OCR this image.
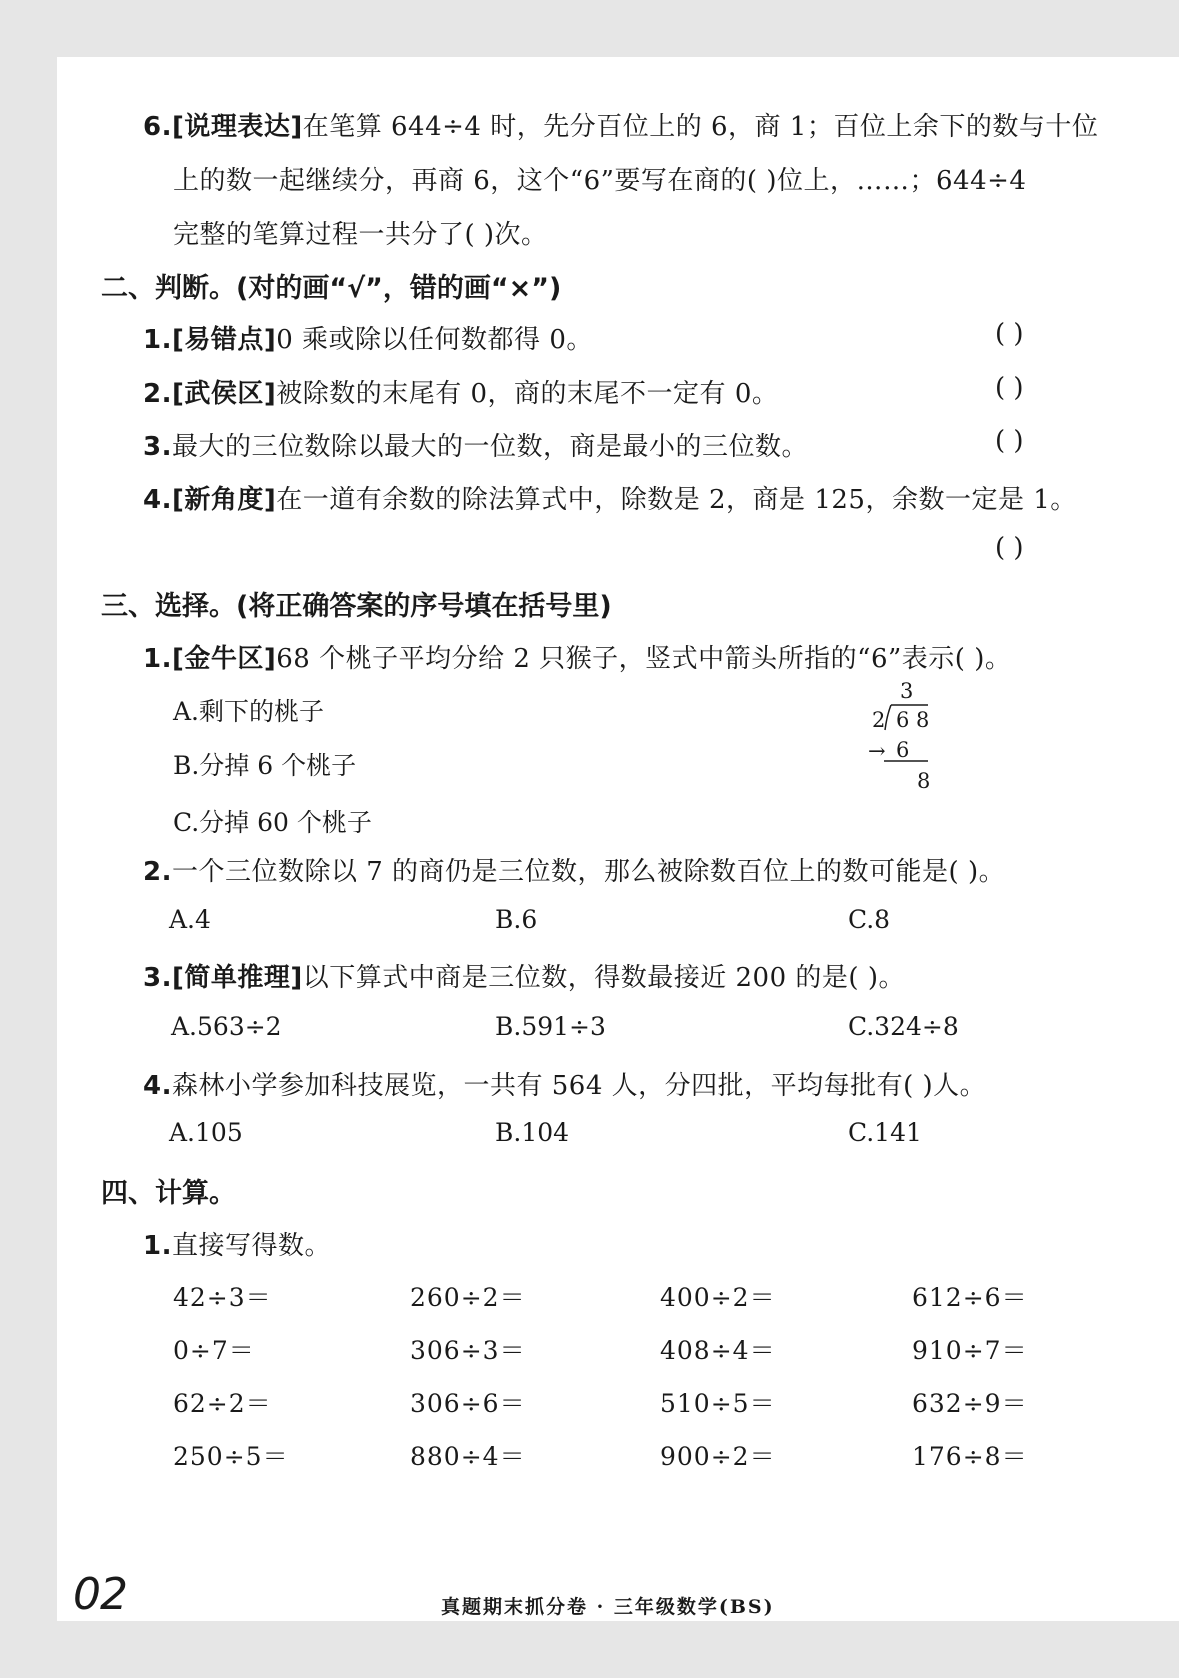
6.[说理表达]在笔算 644÷4 时，先分百位上的 6，商 1；百位上余下的数与十位
上的数一起继续分，再商 6，这个“6”要写在商的( )位上，……；644÷4
完整的笔算过程一共分了( )次。
二、判断。(对的画“√”，错的画“×”)
1.[易错点]0 乘或除以任何数都得 0。	( )
2.[武侯区]被除数的末尾有 0，商的末尾不一定有 0。	( )
3.最大的三位数除以最大的一位数，商是最小的三位数。	( )
4.[新角度]在一道有余数的除法算式中，除数是 2，商是 125，余数一定是 1。
( )
三、选择。(将正确答案的序号填在括号里)
1.[金牛区]68 个桃子平均分给 2 只猴子，竖式中箭头所指的“6”表示( )。
A.剩下的桃子
B.分掉 6 个桃子
C.分掉 60 个桃子
3
2 6 8
→ 6
8
2.一个三位数除以 7 的商仍是三位数，那么被除数百位上的数可能是( )。
A.4	B.6	C.8
3.[简单推理]以下算式中商是三位数，得数最接近 200 的是( )。
A.563÷2	B.591÷3	C.324÷8
4.森林小学参加科技展览，一共有 564 人，分四批，平均每批有( )人。
A.105	B.104	C.141
四、计算。
1.直接写得数。
42÷3＝	260÷2＝	400÷2＝	612÷6＝
0÷7＝	306÷3＝	408÷4＝	910÷7＝
62÷2＝	306÷6＝	510÷5＝	632÷9＝
250÷5＝	880÷4＝	900÷2＝	176÷8＝
02	真题期末抓分卷 · 三年级数学(BS)
